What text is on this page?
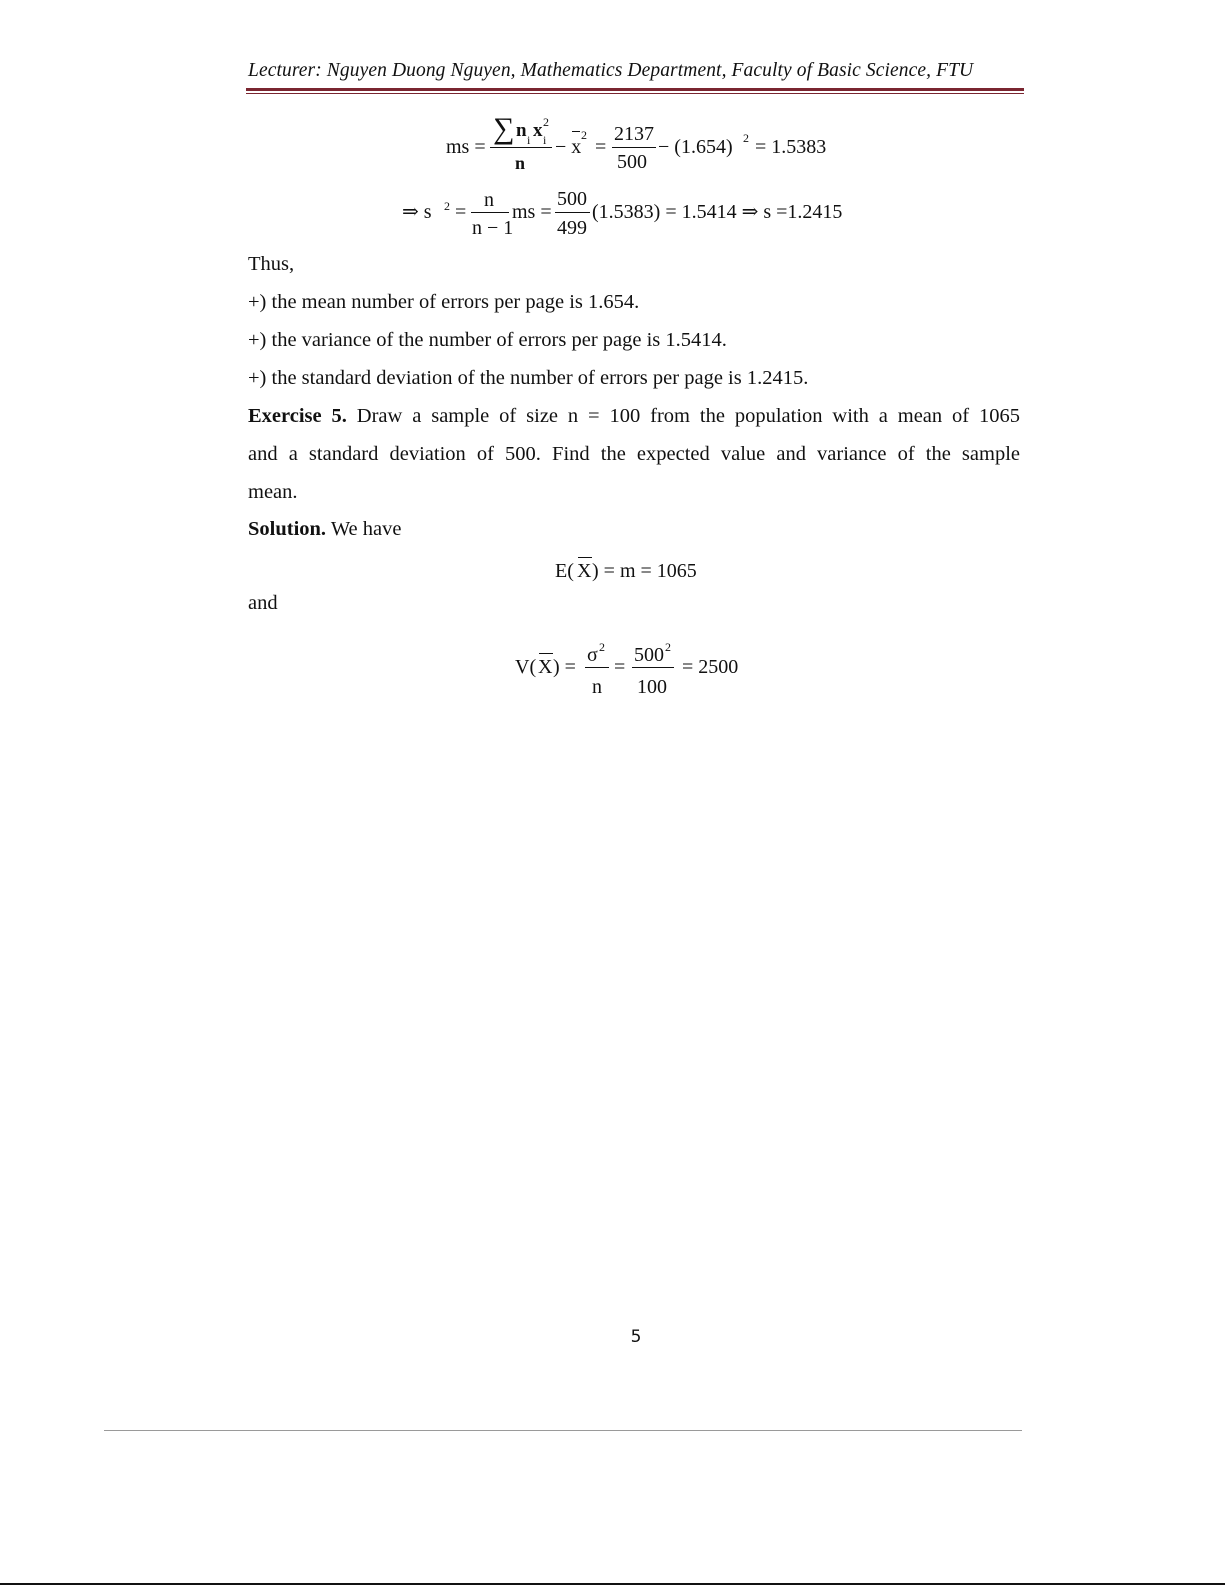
Lecturer: Nguyen Duong Nguyen, Mathematics Department, Faculty of Basic Science, FTU
ms =
∑ n i x i
2
n
− x
2
=
2137
500
− (1.654) 2 = 1.5383
⇒ s 2 =
n
n − 1
ms =
500
499
(1.5383) = 1.5414 ⇒ s =1.2415
Thus,
+) the mean number of errors per page is 1.654.
+) the variance of the number of errors per page is 1.5414.
+) the standard deviation of the number of errors per page is 1.2415.
Exercise 5. Draw a sample of size n = 100 from the population with a mean of 1065
and a standard deviation of 500. Find the expected value and variance of the sample
mean.
Solution. We have
E( X ) = m = 1065
and
V( X ) =
σ 2
n
=
500 2
100
= 2500
5
